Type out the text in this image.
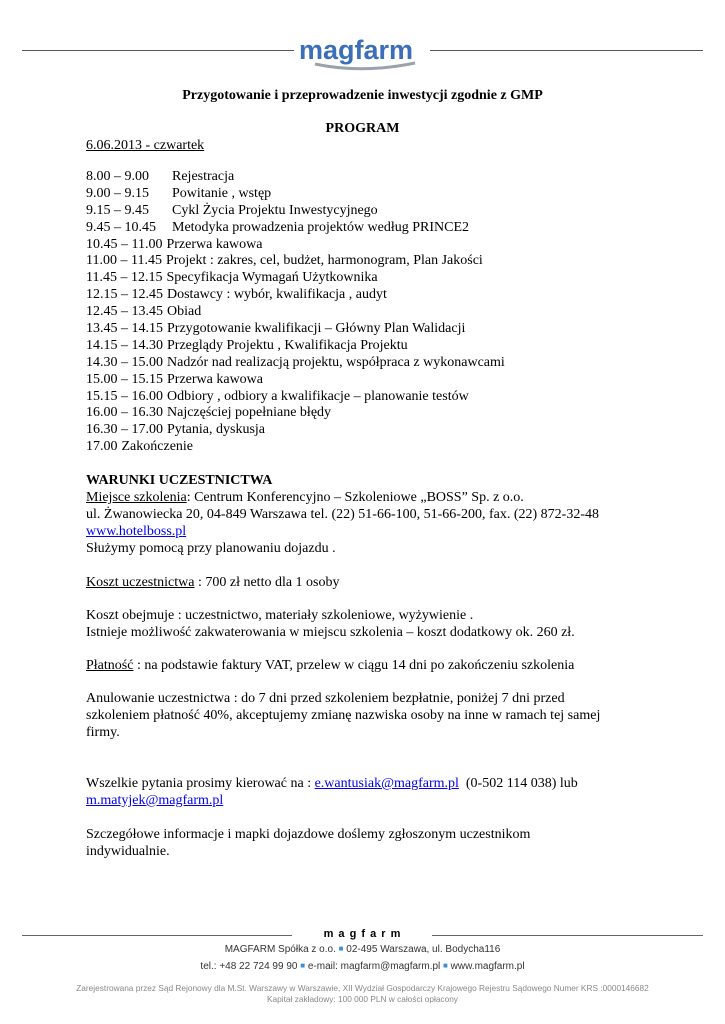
magfarm
Przygotowanie i przeprowadzenie inwestycji zgodnie z GMP
PROGRAM
6.06.2013 - czwartek
8.00 – 9.00 Rejestracja
9.00 – 9.15 Powitanie , wstęp
9.15 – 9.45 Cykl Życia Projektu Inwestycyjnego
9.45 – 10.45 Metodyka prowadzenia projektów według PRINCE2
10.45 – 11.00 Przerwa kawowa
11.00 – 11.45 Projekt : zakres, cel, budżet, harmonogram, Plan Jakości
11.45 – 12.15 Specyfikacja Wymagań Użytkownika
12.15 – 12.45 Dostawcy : wybór, kwalifikacja , audyt
12.45 – 13.45 Obiad
13.45 – 14.15 Przygotowanie kwalifikacji – Główny Plan Walidacji
14.15 – 14.30 Przeglądy Projektu , Kwalifikacja Projektu
14.30 – 15.00 Nadzór nad realizacją projektu, współpraca z wykonawcami
15.00 – 15.15 Przerwa kawowa
15.15 – 16.00 Odbiory , odbiory a kwalifikacje – planowanie testów
16.00 – 16.30 Najczęściej popełniane błędy
16.30 – 17.00 Pytania, dyskusja
17.00 Zakończenie
WARUNKI UCZESTNICTWA
Miejsce szkolenia: Centrum Konferencyjno – Szkoleniowe „BOSS” Sp. z o.o.
ul. Żwanowiecka 20, 04-849 Warszawa tel. (22) 51-66-100, 51-66-200, fax. (22) 872-32-48
www.hotelboss.pl
Służymy pomocą przy planowaniu dojazdu .
Koszt uczestnictwa : 700 zł netto dla 1 osoby
Koszt obejmuje : uczestnictwo, materiały szkoleniowe, wyżywienie .
Istnieje możliwość zakwaterowania w miejscu szkolenia – koszt dodatkowy ok. 260 zł.
Płatność : na podstawie faktury VAT, przelew w ciągu 14 dni po zakończeniu szkolenia
Anulowanie uczestnictwa : do 7 dni przed szkoleniem bezpłatnie, poniżej 7 dni przed
szkoleniem płatność 40%, akceptujemy zmianę nazwiska osoby na inne w ramach tej samej
firmy.
Wszelkie pytania prosimy kierować na : e.wantusiak@magfarm.pl  (0-502 114 038) lub
m.matyjek@magfarm.pl
Szczegółowe informacje i mapki dojazdowe doślemy zgłoszonym uczestnikom
indywidualnie.
m a g f a r m
MAGFARM Spółka z o.o. ■ 02-495 Warszawa, ul. Bodycha116
tel.: +48 22 724 99 90 ■ e-mail: magfarm@magfarm.pl ■ www.magfarm.pl
Zarejestrowana przez Sąd Rejonowy dla M.St. Warszawy w Warszawie, XII Wydział Gospodarczy Krajowego Rejestru Sądowego Numer KRS :0000146682
Kapitał zakładowy: 100 000 PLN w całości opłacony
